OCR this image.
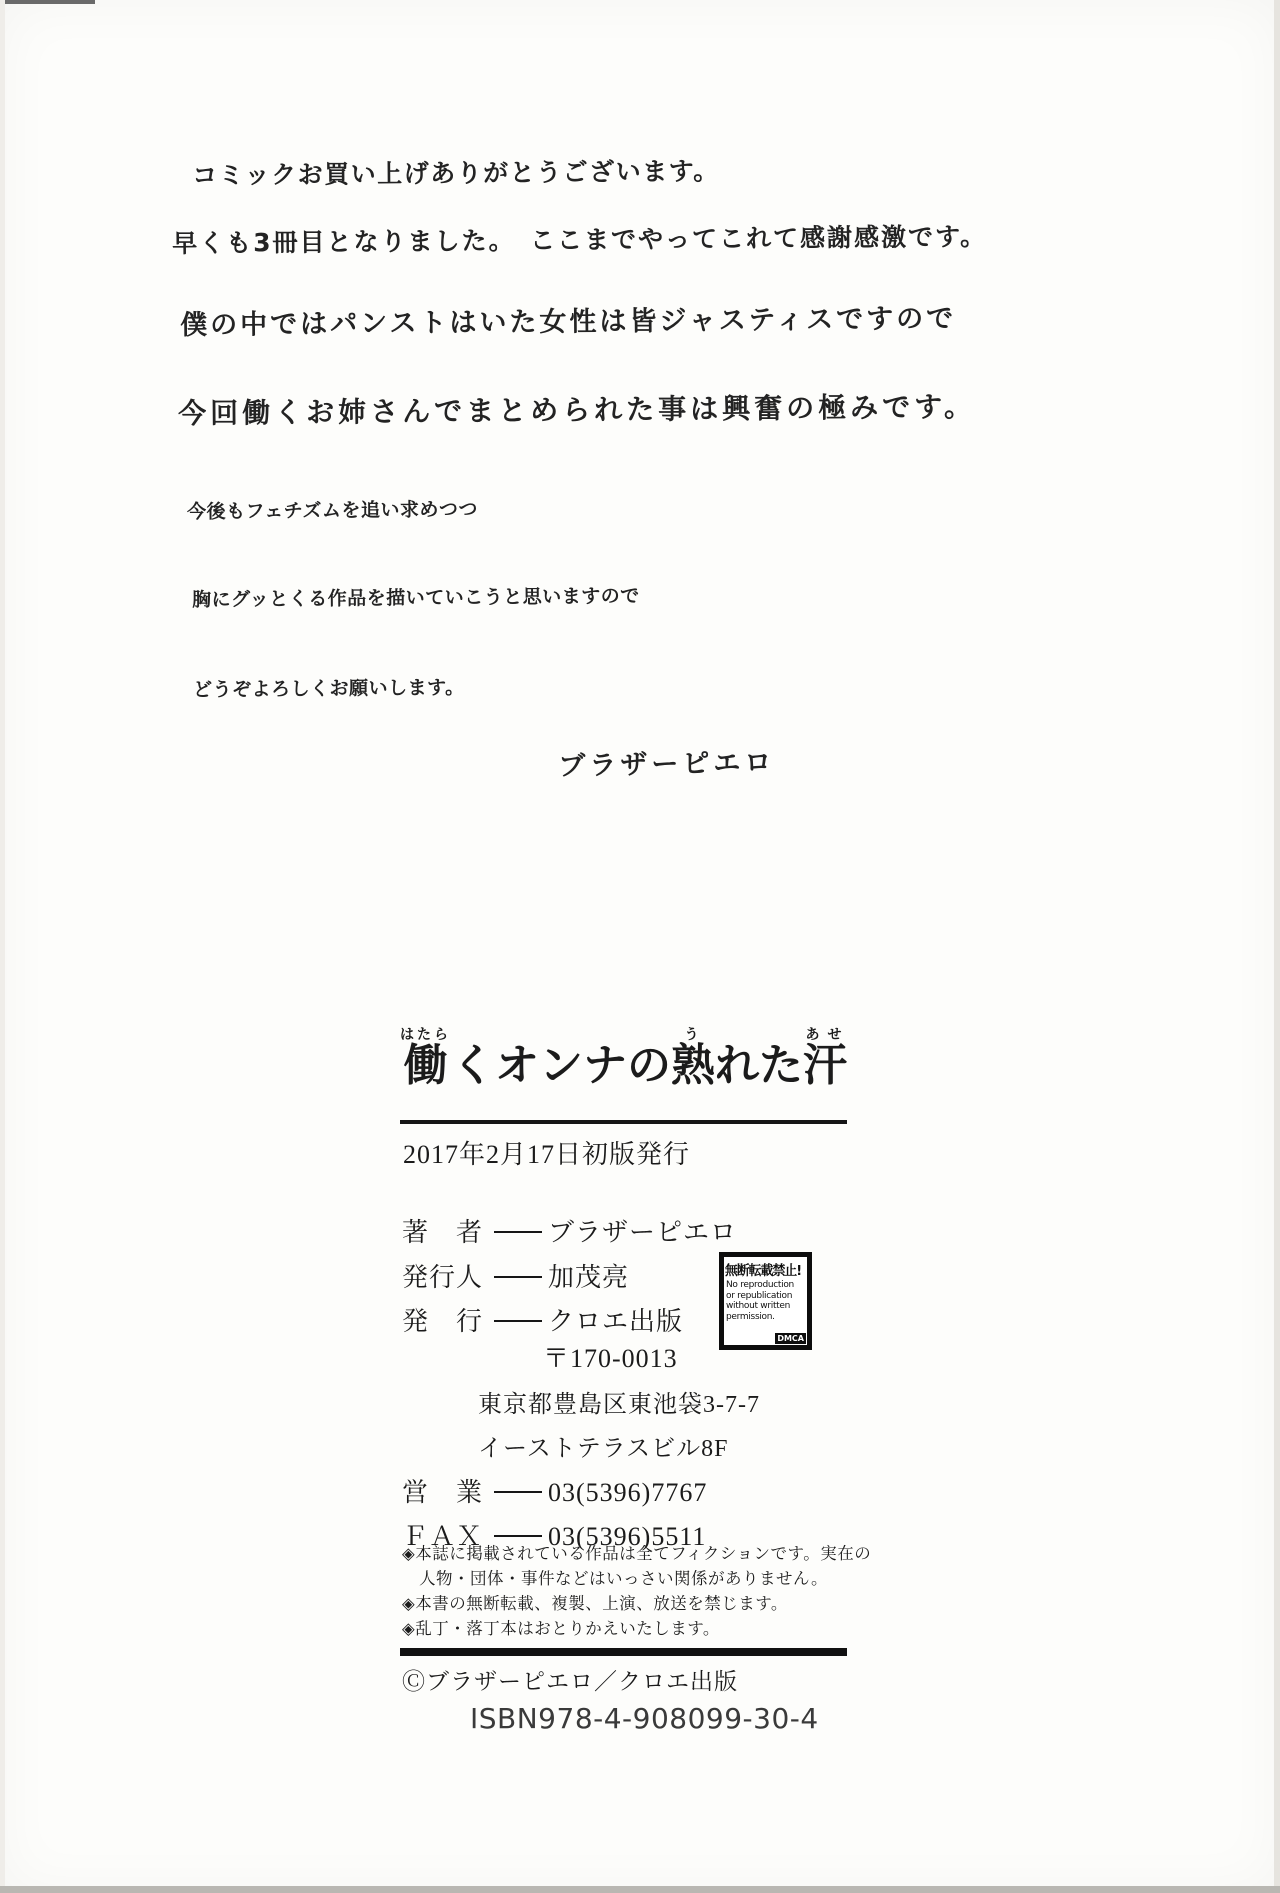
コミックお買い上げありがとうございます。
早くも3冊目となりました。　ここまでやってこれて感謝感激です。
僕の中ではパンストはいた女性は皆ジャスティスですので
今回働くお姉さんでまとめられた事は興奮の極みです。
今後もフェチズムを追い求めつつ
胸にグッとくる作品を描いていこうと思いますので
どうぞよろしくお願いします。
ブラザーピエロ
働はたらくオンナの熟うれた汗あせ
2017年2月17日初版発行
著　者 ブラザーピエロ
発行人 加茂亮
発　行 クロエ出版
〒170-0013
東京都豊島区東池袋3-7-7
イーストテラスビル8F
営　業 03(5396)7767
ＦＡＸ 03(5396)5511
◈本誌に掲載されている作品は全てフィクションです。実在の
　人物・団体・事件などはいっさい関係がありません。
◈本書の無断転載、複製、上演、放送を禁じます。
◈乱丁・落丁本はおとりかえいたします。
Ⓒブラザーピエロ／クロエ出版
ISBN978-4-908099-30-4
無断転載禁止!
No reproduction
or republication
without written
permission.
DMCA
